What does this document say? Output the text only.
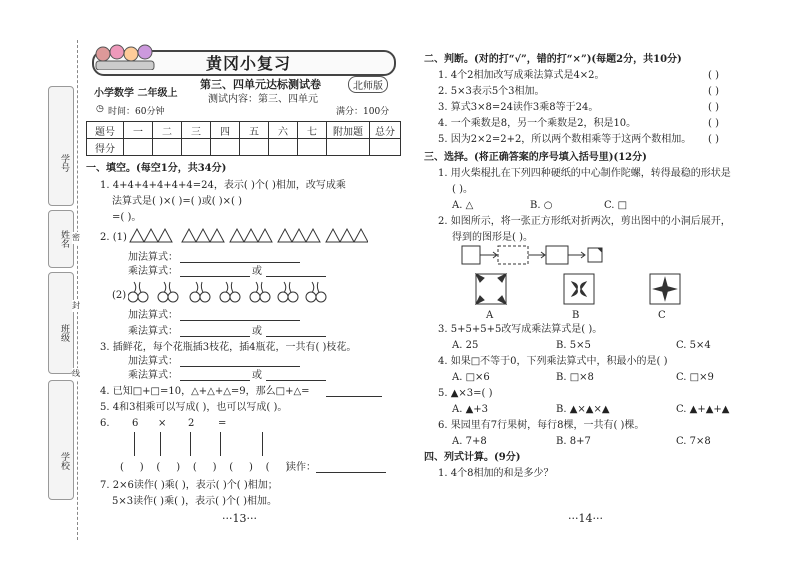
学号
姓名
班级
学校
密
封
线
黄冈小复习
第三、四单元达标测试卷	北师版
小学数学 二年级上
测试内容：第三、四单元
时间：60分钟
◷	满分：100分
题号	一	二	三	四	五	六	七	附加题	总分
得分									
一、填空。(每空1分，共34分)
1. 4+4+4+4+4+4=24，表示( )个( )相加，改写成乘
法算式是( )×( )=( )或( )×( )
=( )。
2. (1)
加法算式：
乘法算式：	或
(2)
加法算式：
乘法算式：	或
3. 插鲜花，每个花瓶插3枝花，插4瓶花，一共有( )枝花。
加法算式：
乘法算式：	或
4. 已知□+□=10，△+△+△=9，那么□+△=
5. 4和3相乘可以写成( )，也可以写成( )。
6. 6 × 2 =
(     )    (     )    (     )    (     )    (     )
读作：
7. 2×6读作( )乘( )，表示( )个( )相加；
5×3读作( )乘( )，表示( )个( )相加。
···13···
二、判断。(对的打“√”，错的打“×”)(每题2分，共10分)
1. 4个2相加改写成乘法算式是4×2。	( )
2. 5×3表示5个3相加。	( )
3. 算式3×8=24读作3乘8等于24。	( )
4. 一个乘数是8，另一个乘数是2，积是10。	( )
5. 因为2×2=2+2，所以两个数相乘等于这两个数相加。 ( )
三、选择。(将正确答案的序号填入括号里)(12分)
1. 用火柴棍扎在下列四种硬纸的中心制作陀螺，转得最稳的形状是
( )。
A. △	B. ○	C. □
2. 如图所示，将一张正方形纸对折两次，剪出图中的小洞后展开，
得到的图形是( )。
A	B	C
3. 5+5+5+5改写成乘法算式是( )。
A. 25	B. 5×5	C. 5×4
4. 如果□不等于0，下列乘法算式中，积最小的是( )
A. □×6	B. □×8	C. □×9
5. ▲×3=( )
A. ▲+3	B. ▲×▲×▲	C. ▲+▲+▲
6. 果园里有7行果树，每行8棵，一共有( )棵。
A. 7+8	B. 8+7	C. 7×8
四、列式计算。(9分)
1. 4个8相加的和是多少？
···14···
